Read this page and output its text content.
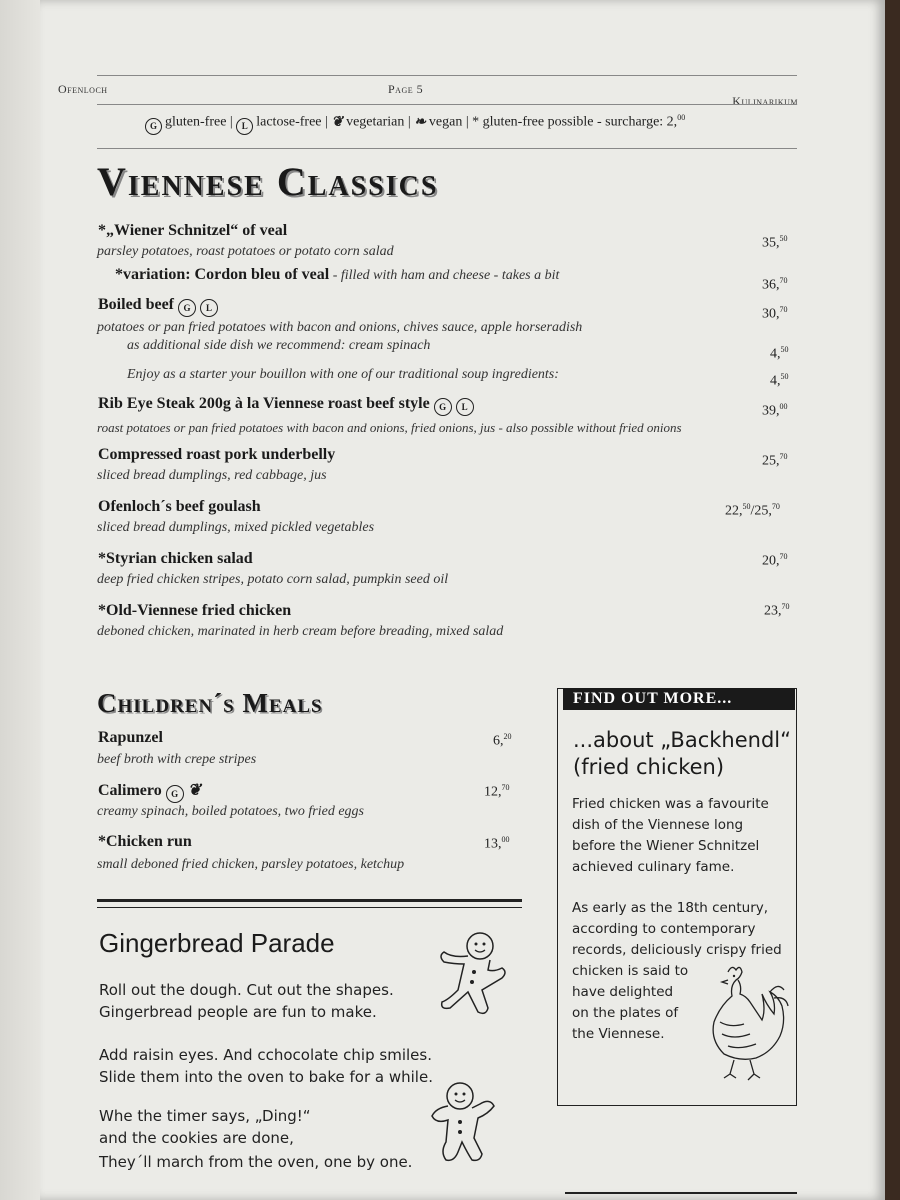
Ofenloch	Page 5
Kulinarikum
G gluten-free | L lactose-free | ❦ vegetarian | ❧ vegan | * gluten-free possible - surcharge: 2,00
Viennese Classics
*„Wiener Schnitzel“ of veal
parsley potatoes, roast potatoes or potato corn salad
35,50
*variation: Cordon bleu of veal - filled with ham and cheese - takes a bit
36,70
Boiled beef G L
potatoes or pan fried potatoes with bacon and onions, chives sauce, apple horseradish
30,70
as additional side dish we recommend: cream spinach
4,50
Enjoy as a starter your bouillon with one of our traditional soup ingredients:	4,50
Rib Eye Steak 200g à la Viennese roast beef style G L
roast potatoes or pan fried potatoes with bacon and onions, fried onions, jus - also possible without fried onions
39,00
Compressed roast pork underbelly
sliced bread dumplings, red cabbage, jus
25,70
Ofenloch´s beef goulash
sliced bread dumplings, mixed pickled vegetables
22,50/25,70
*Styrian chicken salad
deep fried chicken stripes, potato corn salad, pumpkin seed oil
20,70
*Old-Viennese fried chicken
deboned chicken, marinated in herb cream before breading, mixed salad
23,70
Children´s Meals
Rapunzel
beef broth with crepe stripes
6,20
Calimero G ❦
creamy spinach, boiled potatoes, two fried eggs
12,70
*Chicken run
small deboned fried chicken, parsley potatoes, ketchup
13,00
Gingerbread Parade
Roll out the dough. Cut out the shapes.
Gingerbread people are fun to make.
Add raisin eyes. And cchocolate chip smiles.
Slide them into the oven to bake for a while.
Whe the timer says, „Ding!“
and the cookies are done,
They´ll march from the oven, one by one.
FIND OUT MORE...
...about „Backhendl“
(fried chicken)
Fried chicken was a favourite
dish of the Viennese long
before the Wiener Schnitzel
achieved culinary fame.
As early as the 18th century,
according to contemporary
records, deliciously crispy fried
chicken is said to
have delighted
on the plates of
the Viennese.
